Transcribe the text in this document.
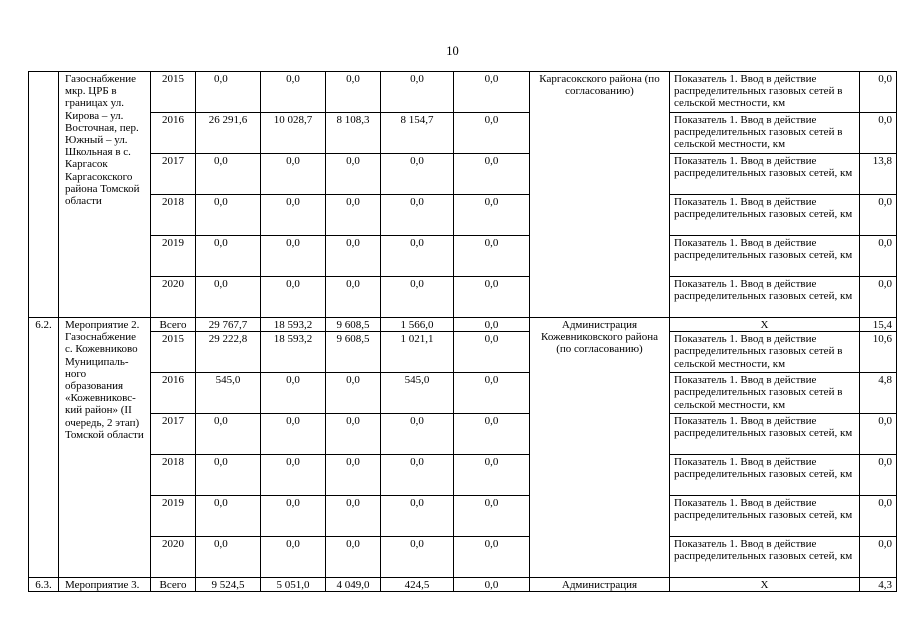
10
	Газоснабжение мкр. ЦРБ в границах ул. Кирова – ул. Восточная, пер. Южный – ул. Школьная в с. Каргасок Каргасокского района Томской области	2015	0,0	0,0	0,0	0,0	0,0	Каргасокского района (по согласованию)	Показатель 1. Ввод в действие распределительных газовых сетей в сельской местности, км	0,0
		2016	26 291,6	10 028,7	8 108,3	8 154,7	0,0		Показатель 1. Ввод в действие распределительных газовых сетей в сельской местности, км	0,0
		2017	0,0	0,0	0,0	0,0	0,0		Показатель 1. Ввод в действие распределительных газовых сетей, км	13,8
		2018	0,0	0,0	0,0	0,0	0,0		Показатель 1. Ввод в действие распределительных газовых сетей, км	0,0
		2019	0,0	0,0	0,0	0,0	0,0		Показатель 1. Ввод в действие распределительных газовых сетей, км	0,0
		2020	0,0	0,0	0,0	0,0	0,0		Показатель 1. Ввод в действие распределительных газовых сетей, км	0,0
6.2.	Мероприятие 2. Газоснабжение с. Кожевниково Муниципаль-ного образования «Кожевниковс-кий район» (II очередь, 2 этап) Томской области	Всего	29 767,7	18 593,2	9 608,5	1 566,0	0,0	Администрация Кожевниковского района (по согласованию)	Х	15,4
		2015	29 222,8	18 593,2	9 608,5	1 021,1	0,0		Показатель 1. Ввод в действие распределительных газовых сетей в сельской местности, км	10,6
		2016	545,0	0,0	0,0	545,0	0,0		Показатель 1. Ввод в действие распределительных газовых сетей в сельской местности, км	4,8
		2017	0,0	0,0	0,0	0,0	0,0		Показатель 1. Ввод в действие распределительных газовых сетей, км	0,0
		2018	0,0	0,0	0,0	0,0	0,0		Показатель 1. Ввод в действие распределительных газовых сетей, км	0,0
		2019	0,0	0,0	0,0	0,0	0,0		Показатель 1. Ввод в действие распределительных газовых сетей, км	0,0
		2020	0,0	0,0	0,0	0,0	0,0		Показатель 1. Ввод в действие распределительных газовых сетей, км	0,0
6.3.	Мероприятие 3.	Всего	9 524,5	5 051,0	4 049,0	424,5	0,0	Администрация	Х	4,3
